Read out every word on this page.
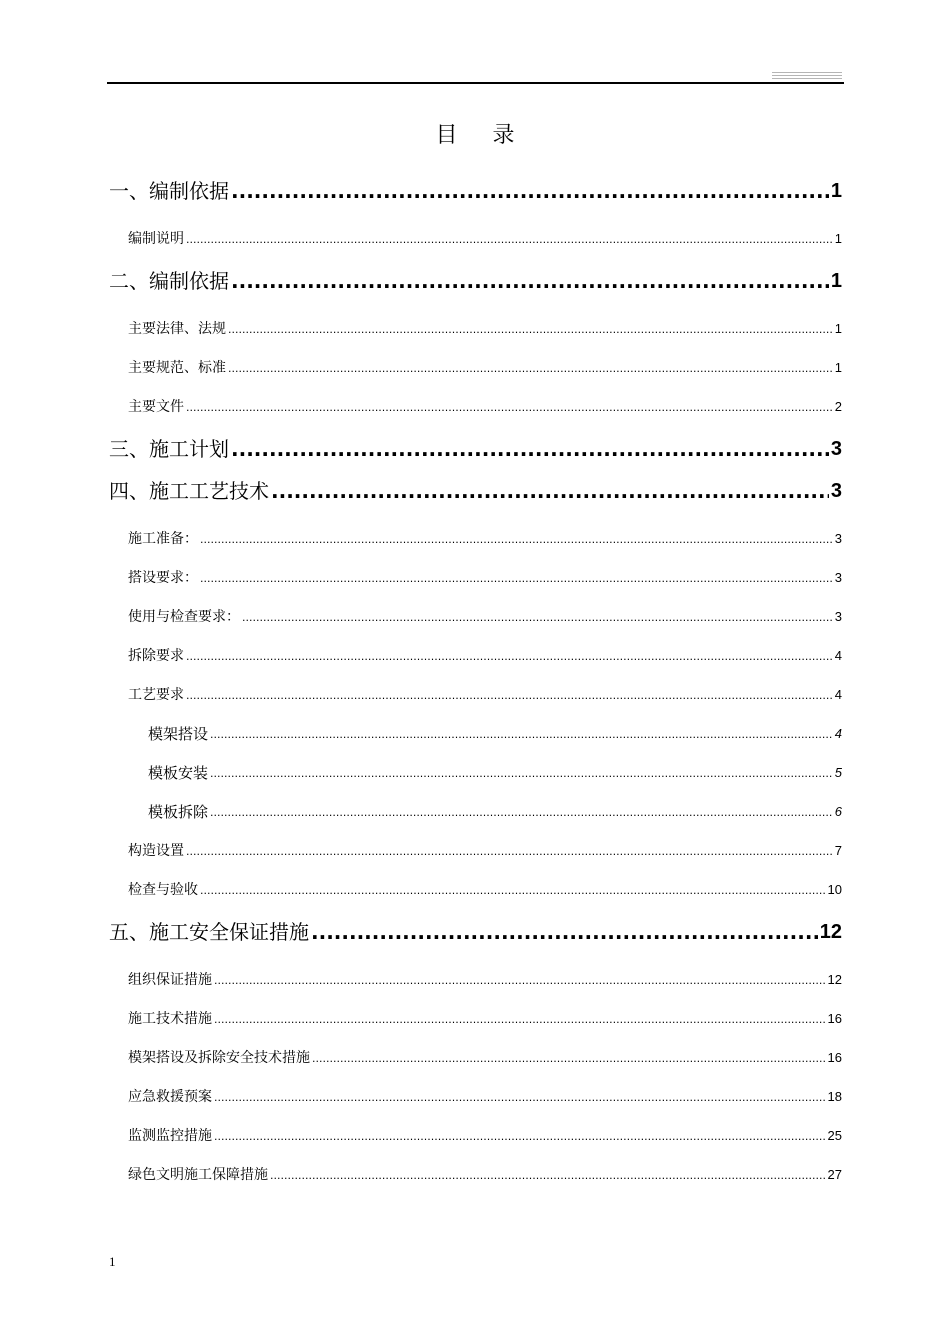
目 录
一、编制依据 .....	1
编制说明 .....	1
二、编制依据 .....	1
主要法律、法规 .....	1
主要规范、标准 .....	1
主要文件 .....	2
三、施工计划 .....	3
四、施工工艺技术 .....	3
施工准备： .....	3
搭设要求： .....	3
使用与检查要求： .....	3
拆除要求 .....	4
工艺要求 .....	4
模架搭设 .....	4
模板安装 .....	5
模板拆除 .....	6
构造设置 .....	7
检查与验收 .....	10
五、施工安全保证措施 .....	12
组织保证措施 .....	12
施工技术措施 .....	16
模架搭设及拆除安全技术措施 .....	16
应急救援预案 .....	18
监测监控措施 .....	25
绿色文明施工保障措施 .....	27
1
